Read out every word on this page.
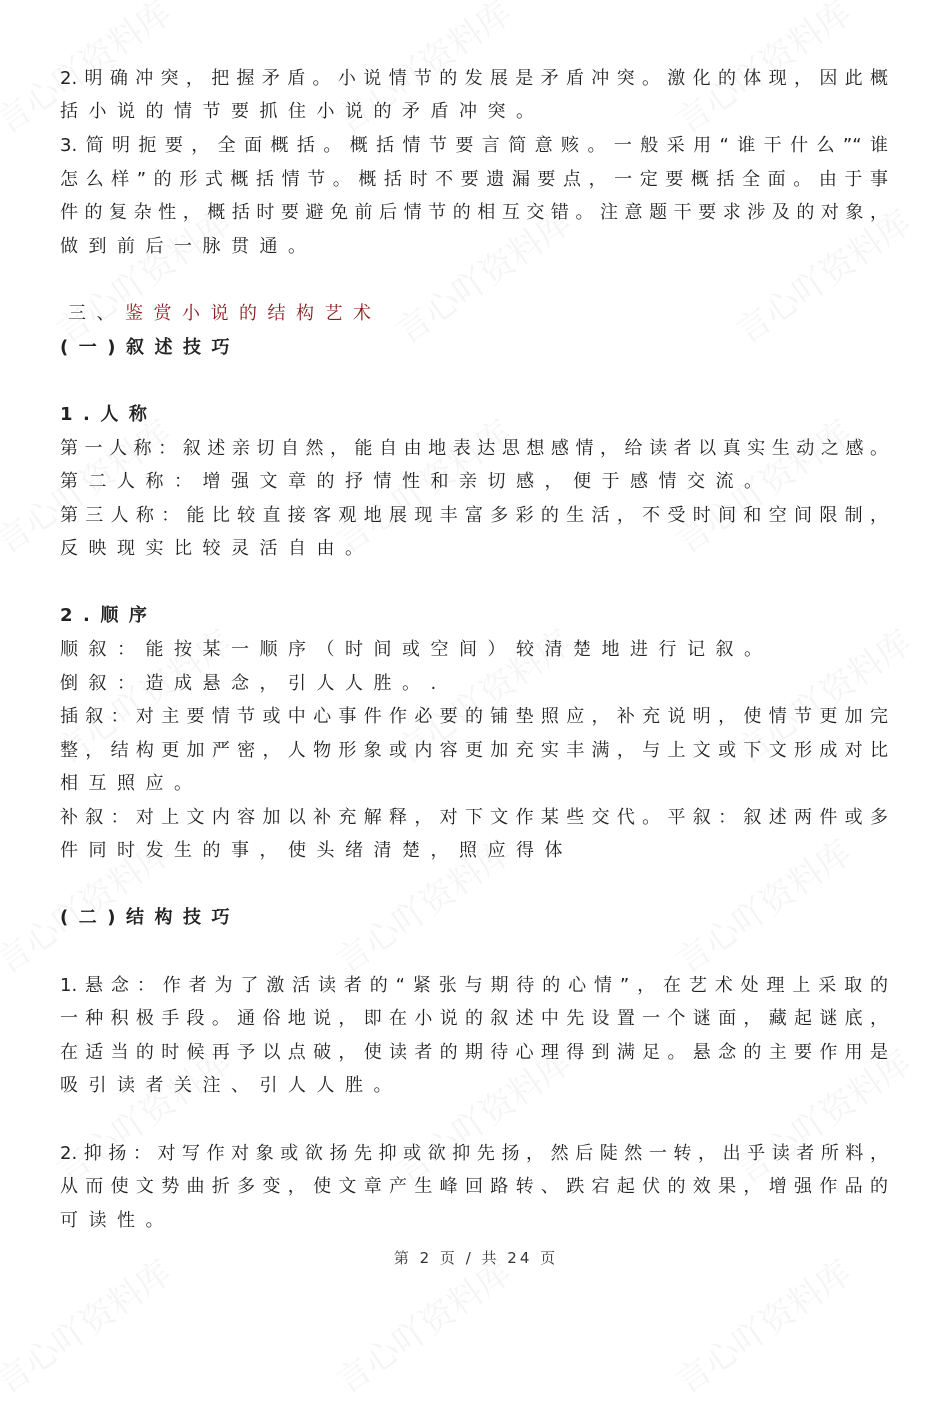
2.明确冲突，把握矛盾。小说情节的发展是矛盾冲突。激化的体现，因此概
括小说的情节要抓住小说的矛盾冲突。
3.简明扼要，全面概括。概括情节要言简意赅。一般采用“谁干什么”“谁
怎么样”的形式概括情节。概括时不要遗漏要点，一定要概括全面。由于事
件的复杂性，概括时要避免前后情节的相互交错。注意题干要求涉及的对象，
做到前后一脉贯通。
(一)叙述技巧
1.人称
第一人称：叙述亲切自然，能自由地表达思想感情，给读者以真实生动之感。
第二人称：增强文章的抒情性和亲切感，便于感情交流。
第三人称：能比较直接客观地展现丰富多彩的生活，不受时间和空间限制，
反映现实比较灵活自由。
2.顺序
顺叙：能按某一顺序（时间或空间）较清楚地进行记叙。
倒叙：造成悬念，引人人胜。.
插叙：对主要情节或中心事件作必要的铺垫照应，补充说明，使情节更加完
整，结构更加严密，人物形象或内容更加充实丰满，与上文或下文形成对比
相互照应。
补叙：对上文内容加以补充解释，对下文作某些交代。平叙：叙述两件或多
件同时发生的事，使头绪清楚，照应得体
(二)结构技巧
1.悬念：作者为了激活读者的“紧张与期待的心情”，在艺术处理上采取的
一种积极手段。通俗地说，即在小说的叙述中先设置一个谜面，藏起谜底，
在适当的时候再予以点破，使读者的期待心理得到满足。悬念的主要作用是
吸引读者关注、引人人胜。
2.抑扬：对写作对象或欲扬先抑或欲抑先扬，然后陡然一转，出乎读者所料，
从而使文势曲折多变，使文章产生峰回路转、跌宕起伏的效果，增强作品的
可读性。
三、鉴赏小说的结构艺术
第 2 页 / 共 24 页
